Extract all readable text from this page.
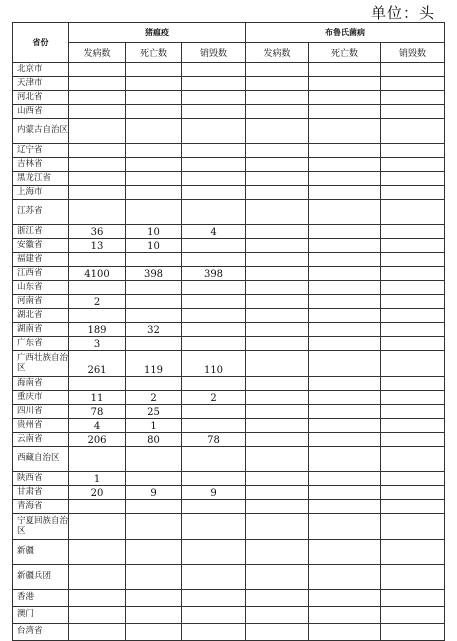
单位：头
省份	猪瘟疫			布鲁氏菌病		
	发病数	死亡数	销毁数	发病数	死亡数	销毁数
北京市						
天津市						
河北省						
山西省						
内蒙古自治区						
辽宁省						
吉林省						
黑龙江省						
上海市						
江苏省						
浙江省	36	10	4			
安徽省	13	10				
福建省						
江西省	4100	398	398			
山东省						
河南省	2					
湖北省						
湖南省	189	32				
广东省	3					
广西壮族自治区	261	119	110			
海南省						
重庆市	11	2	2			
四川省	78	25				
贵州省	4	1				
云南省	206	80	78			
西藏自治区						
陕西省	1					
甘肃省	20	9	9			
青海省						
宁夏回族自治区						
新疆						
新疆兵团						
香港						
澳门						
台湾省						
